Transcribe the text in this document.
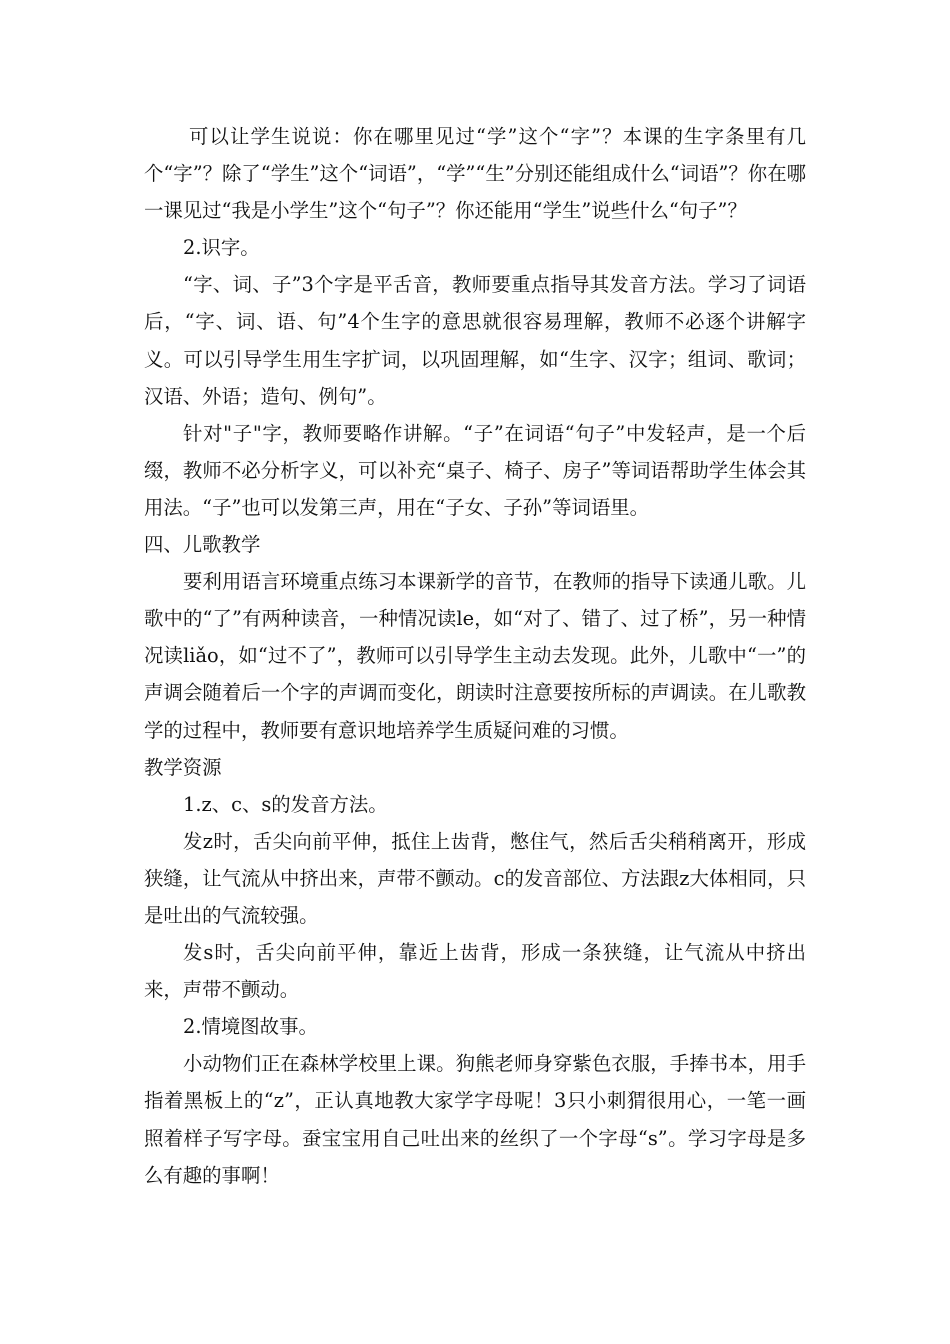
可以让学生说说：你在哪里见过“学”这个“字”？本课的生字条里有几个“字”？除了“学生”这个“词语”，“学”“生”分别还能组成什么“词语”？你在哪一课见过“我是小学生”这个“句子”？你还能用“学生”说些什么“句子”？

2.识字。

“字、词、子”3个字是平舌音，教师要重点指导其发音方法。学习了词语后，“字、词、语、句”4个生字的意思就很容易理解，教师不必逐个讲解字义。可以引导学生用生字扩词，以巩固理解，如“生字、汉字；组词、歌词；汉语、外语；造句、例句”。

针对"子"字，教师要略作讲解。“子”在词语“句子”中发轻声，是一个后缀，教师不必分析字义，可以补充“桌子、椅子、房子”等词语帮助学生体会其用法。“子”也可以发第三声，用在“子女、子孙”等词语里。

四、儿歌教学

要利用语言环境重点练习本课新学的音节，在教师的指导下读通儿歌。儿歌中的“了”有两种读音，一种情况读le，如“对了、错了、过了桥”，另一种情况读liǎo，如“过不了”，教师可以引导学生主动去发现。此外，儿歌中“一”的声调会随着后一个字的声调而变化，朗读时注意要按所标的声调读。在儿歌教学的过程中，教师要有意识地培养学生质疑问难的习惯。

教学资源

1.z、c、s的发音方法。

发z时，舌尖向前平伸，抵住上齿背，憋住气，然后舌尖稍稍离开，形成狭缝，让气流从中挤出来，声带不颤动。c的发音部位、方法跟z大体相同，只是吐出的气流较强。

发s时，舌尖向前平伸，靠近上齿背，形成一条狭缝，让气流从中挤出来，声带不颤动。

2.情境图故事。

小动物们正在森林学校里上课。狗熊老师身穿紫色衣服，手捧书本，用手指着黑板上的“z”，正认真地教大家学字母呢！3只小刺猬很用心，一笔一画照着样子写字母。蚕宝宝用自己吐出来的丝织了一个字母“s”。学习字母是多么有趣的事啊！
